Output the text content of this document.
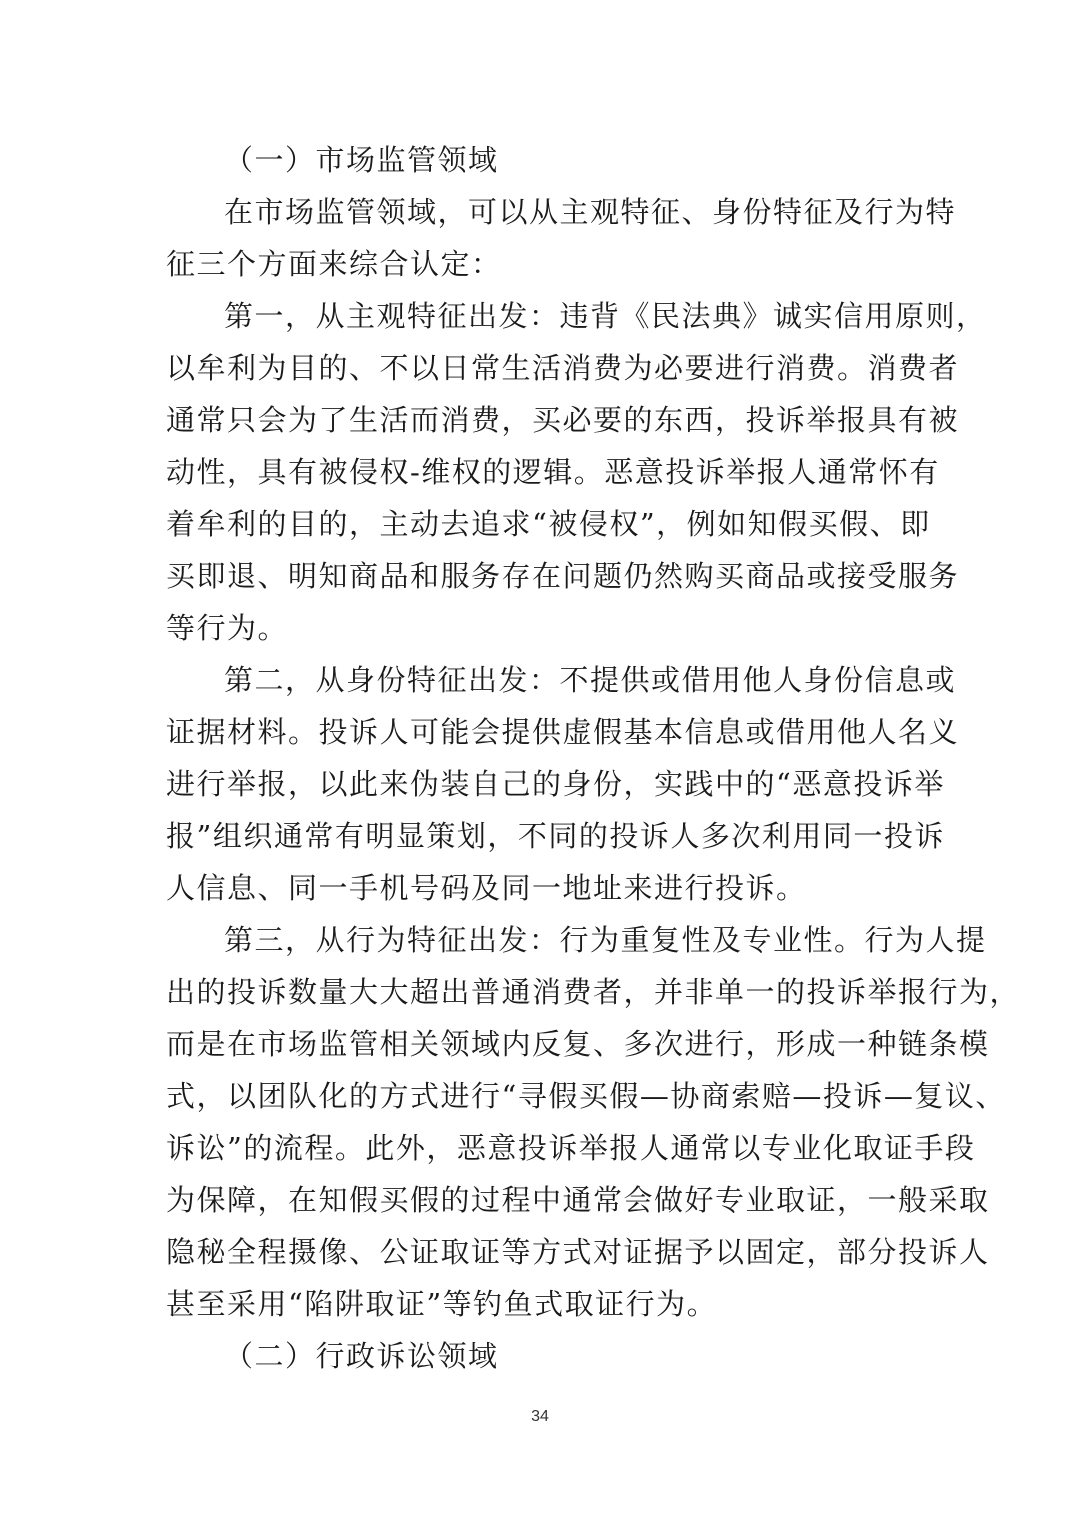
（一）市场监管领域
在市场监管领域，可以从主观特征、身份特征及行为特
征三个方面来综合认定：
第一，从主观特征出发：违背《民法典》诚实信用原则，
以牟利为目的、不以日常生活消费为必要进行消费。消费者
通常只会为了生活而消费，买必要的东西，投诉举报具有被
动性，具有被侵权-维权的逻辑。恶意投诉举报人通常怀有
着牟利的目的，主动去追求“被侵权”，例如知假买假、即
买即退、明知商品和服务存在问题仍然购买商品或接受服务
等行为。
第二，从身份特征出发：不提供或借用他人身份信息或
证据材料。投诉人可能会提供虚假基本信息或借用他人名义
进行举报，以此来伪装自己的身份，实践中的“恶意投诉举
报”组织通常有明显策划，不同的投诉人多次利用同一投诉
人信息、同一手机号码及同一地址来进行投诉。
第三，从行为特征出发：行为重复性及专业性。行为人提
出的投诉数量大大超出普通消费者，并非单一的投诉举报行为，
而是在市场监管相关领域内反复、多次进行，形成一种链条模
式，以团队化的方式进行“寻假买假—协商索赔—投诉—复议、
诉讼”的流程。此外，恶意投诉举报人通常以专业化取证手段
为保障，在知假买假的过程中通常会做好专业取证，一般采取
隐秘全程摄像、公证取证等方式对证据予以固定，部分投诉人
甚至采用“陷阱取证”等钓鱼式取证行为。
（二）行政诉讼领域
34
